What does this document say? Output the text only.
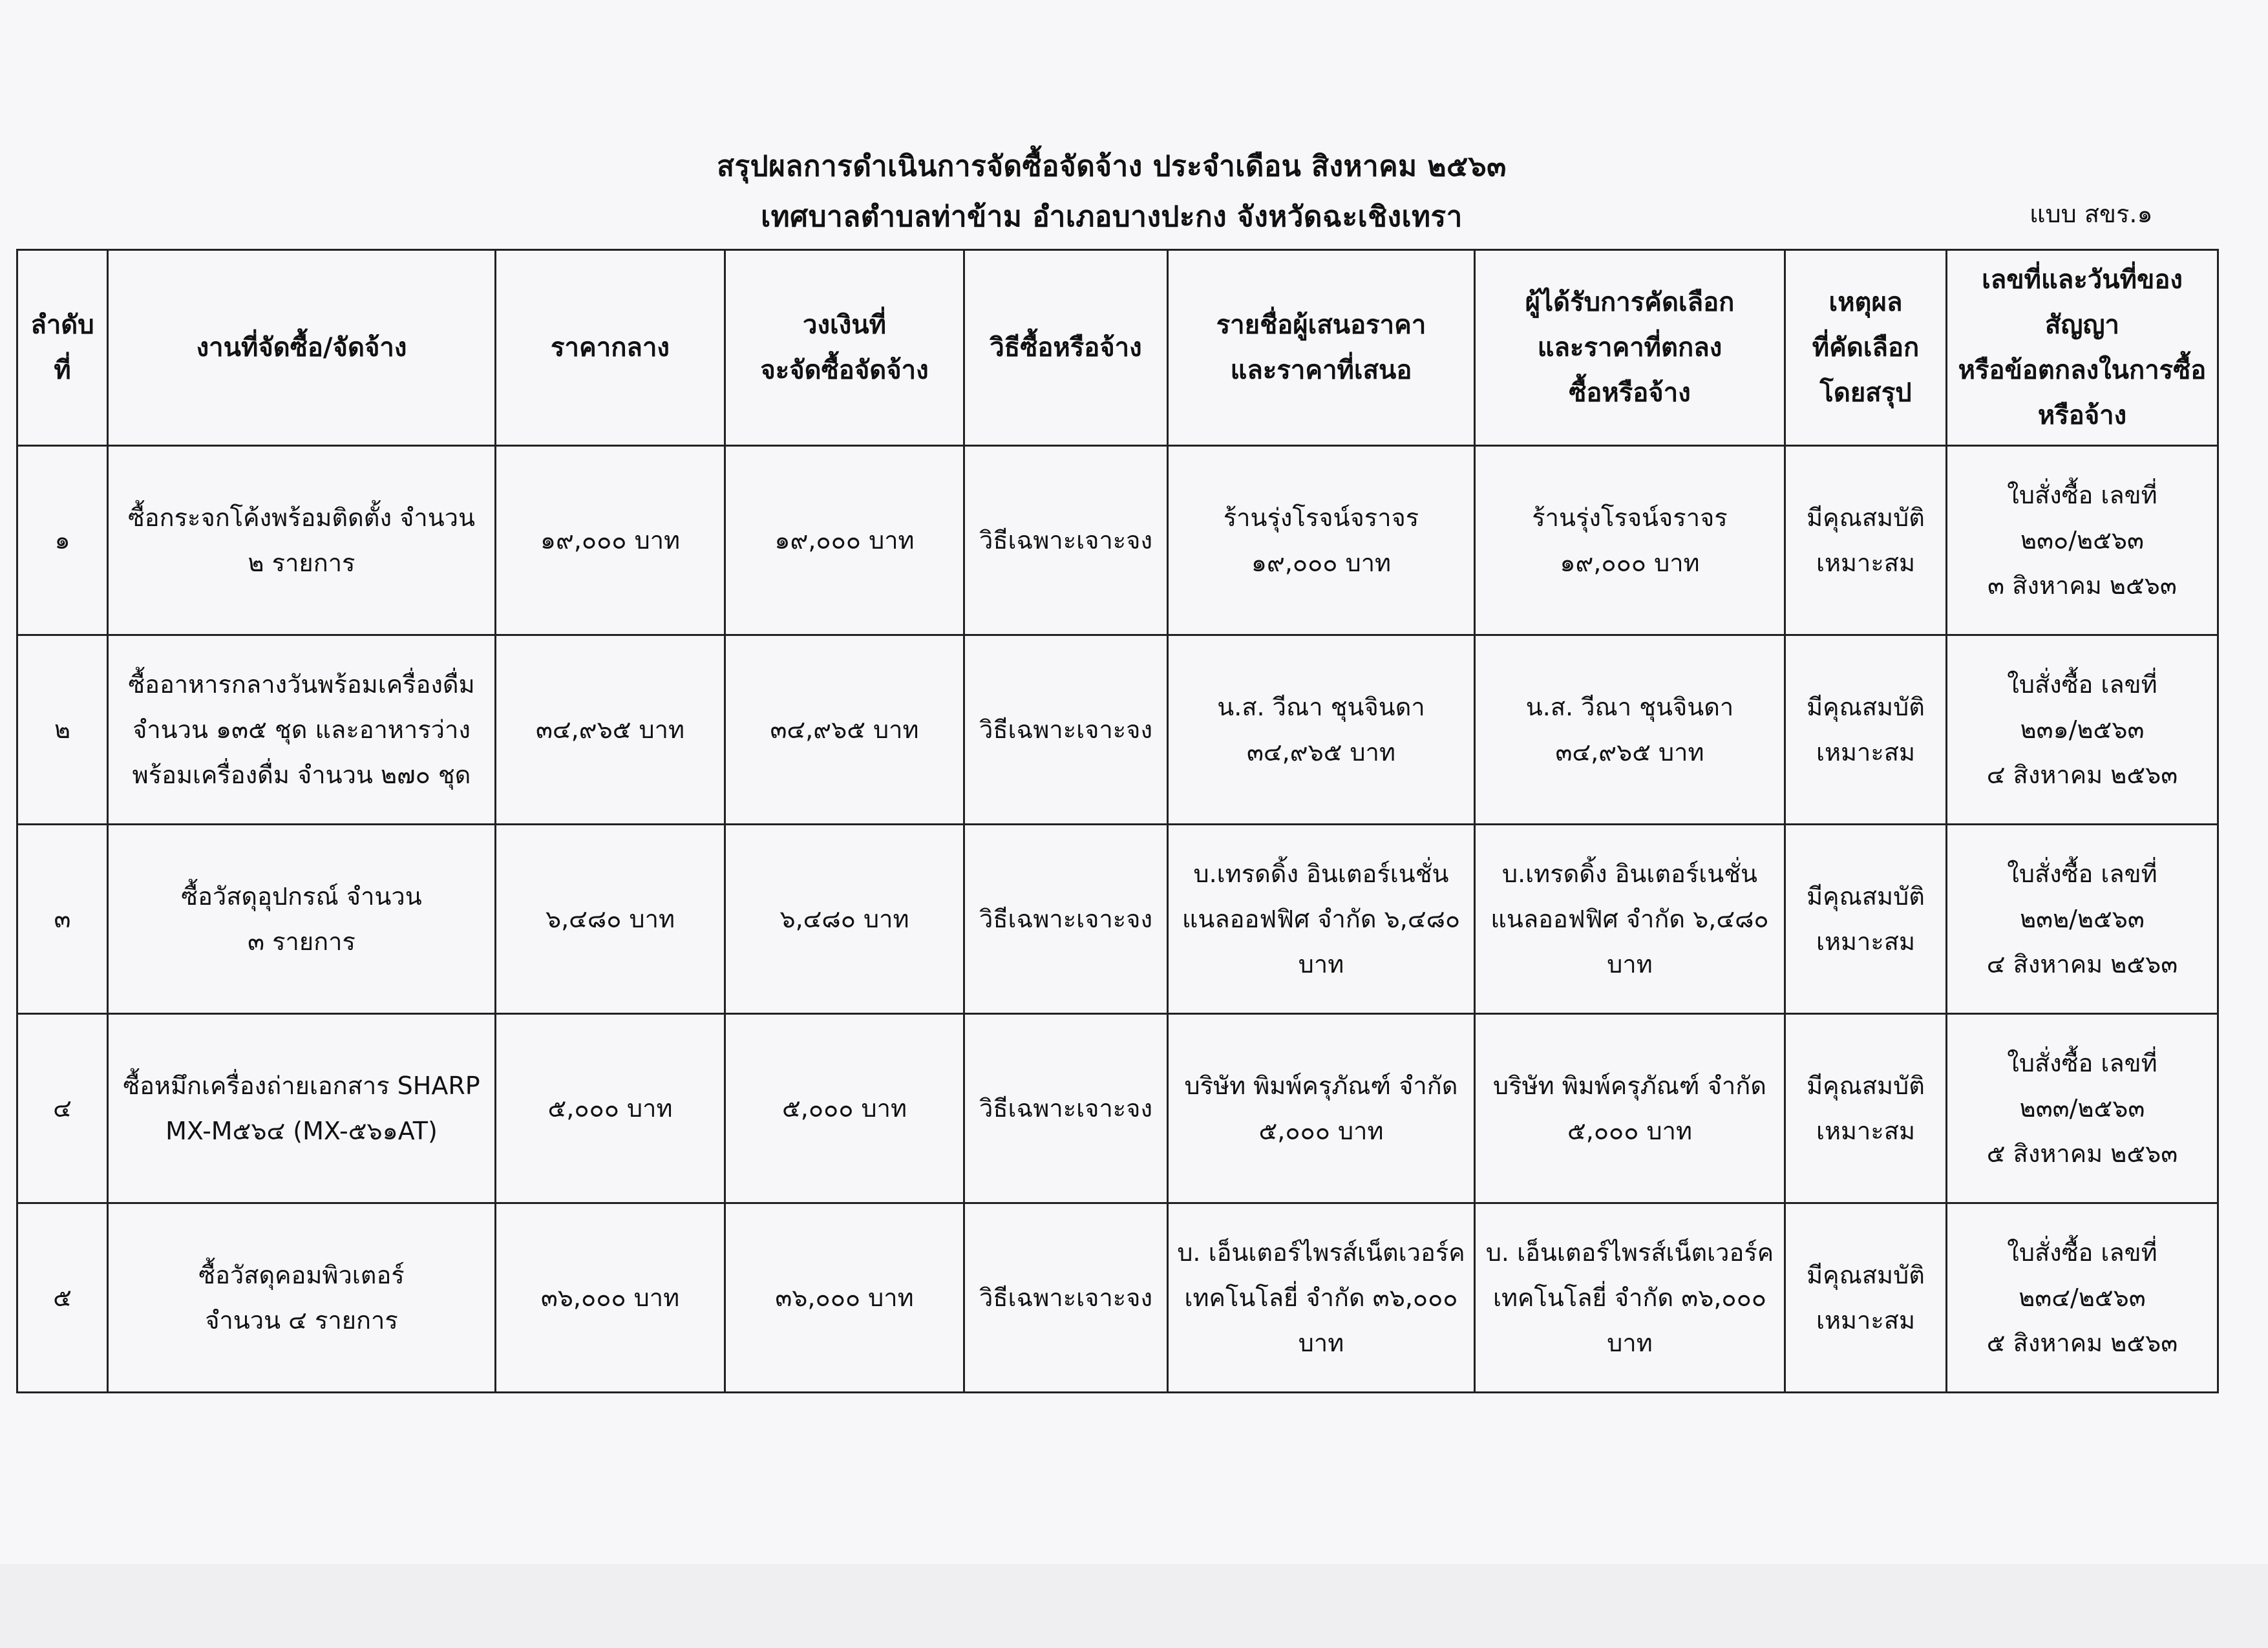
สรุปผลการดำเนินการจัดซื้อจัดจ้าง ประจำเดือน สิงหาคม ๒๕๖๓
เทศบาลตำบลท่าข้าม อำเภอบางปะกง จังหวัดฉะเชิงเทรา	แบบ สขร.๑
ลำดับที่	งานที่จัดซื้อ/จัดจ้าง	ราคากลาง	วงเงินที่
จะจัดซื้อจัดจ้าง	วิธีซื้อหรือจ้าง	รายชื่อผู้เสนอราคา
และราคาที่เสนอ	ผู้ได้รับการคัดเลือก
และราคาที่ตกลง
ซื้อหรือจ้าง	เหตุผล
ที่คัดเลือก
โดยสรุป	เลขที่และวันที่ของ
สัญญา
หรือข้อตกลงในการซื้อ
หรือจ้าง
๑	ซื้อกระจกโค้งพร้อมติดตั้ง จำนวน
๒ รายการ	๑๙,๐๐๐ บาท	๑๙,๐๐๐ บาท	วิธีเฉพาะเจาะจง	ร้านรุ่งโรจน์จราจร
๑๙,๐๐๐ บาท	ร้านรุ่งโรจน์จราจร
๑๙,๐๐๐ บาท	มีคุณสมบัติ
เหมาะสม	ใบสั่งซื้อ เลขที่
๒๓๐/๒๕๖๓
๓ สิงหาคม ๒๕๖๓
๒	ซื้ออาหารกลางวันพร้อมเครื่องดื่ม
จำนวน ๑๓๕ ชุด และอาหารว่าง
พร้อมเครื่องดื่ม จำนวน ๒๗๐ ชุด	๓๔,๙๖๕ บาท	๓๔,๙๖๕ บาท	วิธีเฉพาะเจาะจง	น.ส. วีณา ชุนจินดา
๓๔,๙๖๕ บาท	น.ส. วีณา ชุนจินดา
๓๔,๙๖๕ บาท	มีคุณสมบัติ
เหมาะสม	ใบสั่งซื้อ เลขที่
๒๓๑/๒๕๖๓
๔ สิงหาคม ๒๕๖๓
๓	ซื้อวัสดุอุปกรณ์ จำนวน
๓ รายการ	๖,๔๘๐ บาท	๖,๔๘๐ บาท	วิธีเฉพาะเจาะจง	บ.เทรดดิ้ง อินเตอร์เนชั่น
แนลออฟฟิศ จำกัด ๖,๔๘๐
บาท	บ.เทรดดิ้ง อินเตอร์เนชั่น
แนลออฟฟิศ จำกัด ๖,๔๘๐
บาท	มีคุณสมบัติ
เหมาะสม	ใบสั่งซื้อ เลขที่
๒๓๒/๒๕๖๓
๔ สิงหาคม ๒๕๖๓
๔	ซื้อหมึกเครื่องถ่ายเอกสาร SHARP
MX-M๕๖๔ (MX-๕๖๑AT)	๕,๐๐๐ บาท	๕,๐๐๐ บาท	วิธีเฉพาะเจาะจง	บริษัท พิมพ์ครุภัณฑ์ จำกัด
๕,๐๐๐ บาท	บริษัท พิมพ์ครุภัณฑ์ จำกัด
๕,๐๐๐ บาท	มีคุณสมบัติ
เหมาะสม	ใบสั่งซื้อ เลขที่
๒๓๓/๒๕๖๓
๕ สิงหาคม ๒๕๖๓
๕	ซื้อวัสดุคอมพิวเตอร์
จำนวน ๔ รายการ	๓๖,๐๐๐ บาท	๓๖,๐๐๐ บาท	วิธีเฉพาะเจาะจง	บ. เอ็นเตอร์ไพรส์เน็ตเวอร์ค
เทคโนโลยี่ จำกัด ๓๖,๐๐๐
บาท	บ. เอ็นเตอร์ไพรส์เน็ตเวอร์ค
เทคโนโลยี่ จำกัด ๓๖,๐๐๐
บาท	มีคุณสมบัติ
เหมาะสม	ใบสั่งซื้อ เลขที่
๒๓๔/๒๕๖๓
๕ สิงหาคม ๒๕๖๓
